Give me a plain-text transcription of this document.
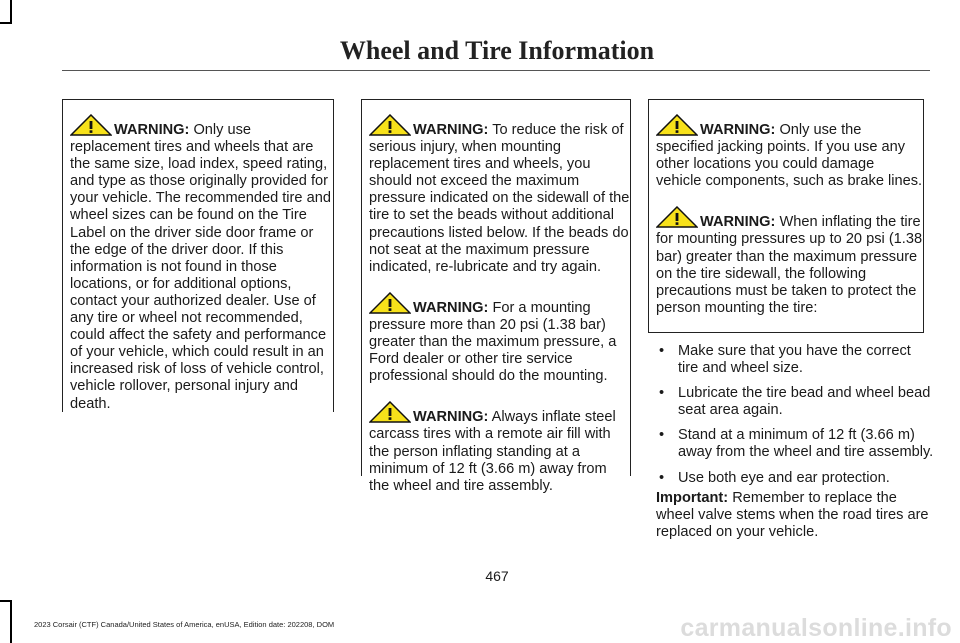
Wheel and Tire Information

WARNING: Only use replacement tires and wheels that are the same size, load index, speed rating, and type as those originally provided for your vehicle. The recommended tire and wheel sizes can be found on the Tire Label on the driver side door frame or the edge of the driver door. If this information is not found in those locations, or for additional options, contact your authorized dealer. Use of any tire or wheel not recommended, could affect the safety and performance of your vehicle, which could result in an increased risk of loss of vehicle control, vehicle rollover, personal injury and death.

WARNING: To reduce the risk of serious injury, when mounting replacement tires and wheels, you should not exceed the maximum pressure indicated on the sidewall of the tire to set the beads without additional precautions listed below. If the beads do not seat at the maximum pressure indicated, re-lubricate and try again.

WARNING: For a mounting pressure more than 20 psi (1.38 bar) greater than the maximum pressure, a Ford dealer or other tire service professional should do the mounting.

WARNING: Always inflate steel carcass tires with a remote air fill with the person inflating standing at a minimum of 12 ft (3.66 m) away from the wheel and tire assembly.

WARNING: Only use the specified jacking points. If you use any other locations you could damage vehicle components, such as brake lines.

WARNING: When inflating the tire for mounting pressures up to 20 psi (1.38 bar) greater than the maximum pressure on the tire sidewall, the following precautions must be taken to protect the person mounting the tire:

• Make sure that you have the correct tire and wheel size.
• Lubricate the tire bead and wheel bead seat area again.
• Stand at a minimum of 12 ft (3.66 m) away from the wheel and tire assembly.
• Use both eye and ear protection.

Important: Remember to replace the wheel valve stems when the road tires are replaced on your vehicle.

467
2023 Corsair (CTF) Canada/United States of America, enUSA, Edition date: 202208, DOM	carmanualsonline.info
